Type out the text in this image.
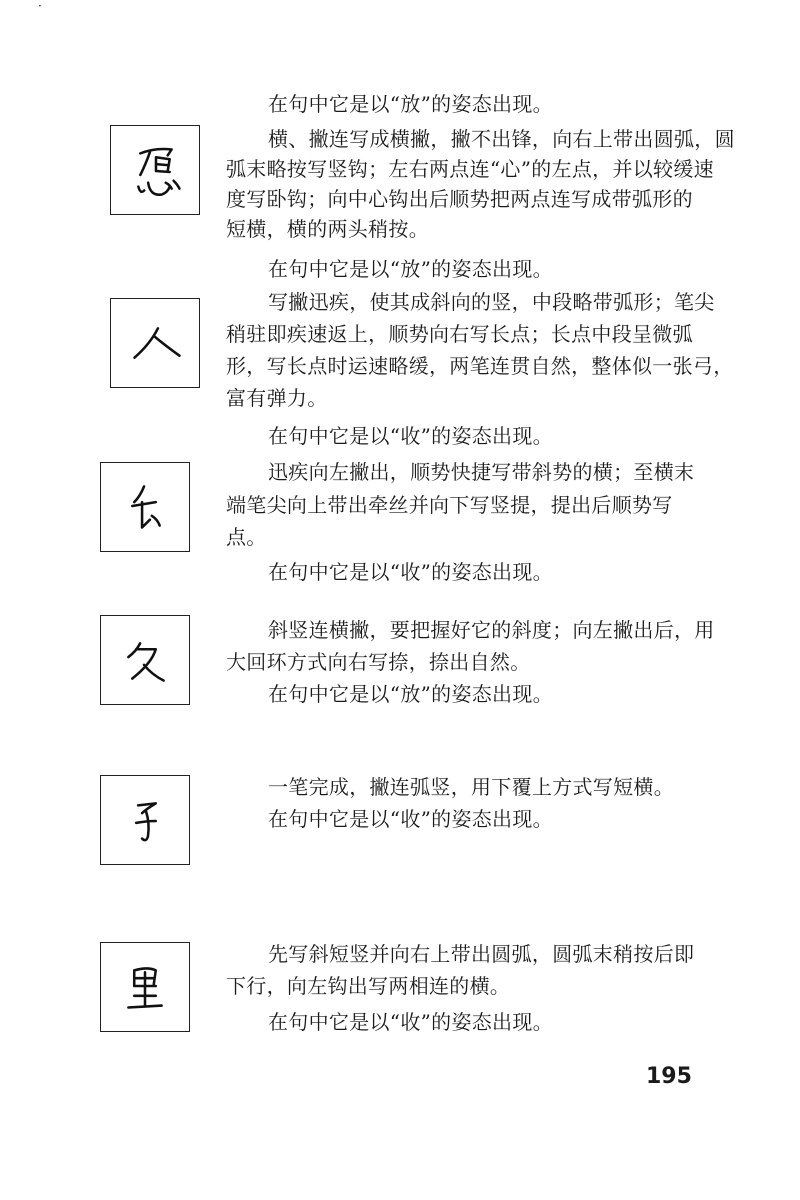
·
在句中它是以“放”的姿态出现。
横、撇连写成横撇，撇不出锋，向右上带出圆弧，圆
弧末略按写竖钩；左右两点连“心”的左点，并以较缓速
度写卧钩；向中心钩出后顺势把两点连写成带弧形的
短横，横的两头稍按。
在句中它是以“放”的姿态出现。
写撇迅疾，使其成斜向的竖，中段略带弧形；笔尖
稍驻即疾速返上，顺势向右写长点；长点中段呈微弧
形，写长点时运速略缓，两笔连贯自然，整体似一张弓，
富有弹力。
在句中它是以“收”的姿态出现。
迅疾向左撇出，顺势快捷写带斜势的横；至横末
端笔尖向上带出牵丝并向下写竖提，提出后顺势写
点。
在句中它是以“收”的姿态出现。
斜竖连横撇，要把握好它的斜度；向左撇出后，用
大回环方式向右写捺，捺出自然。
在句中它是以“放”的姿态出现。
一笔完成，撇连弧竖，用下覆上方式写短横。
在句中它是以“收”的姿态出现。
先写斜短竖并向右上带出圆弧，圆弧末稍按后即
下行，向左钩出写两相连的横。
在句中它是以“收”的姿态出现。
195
